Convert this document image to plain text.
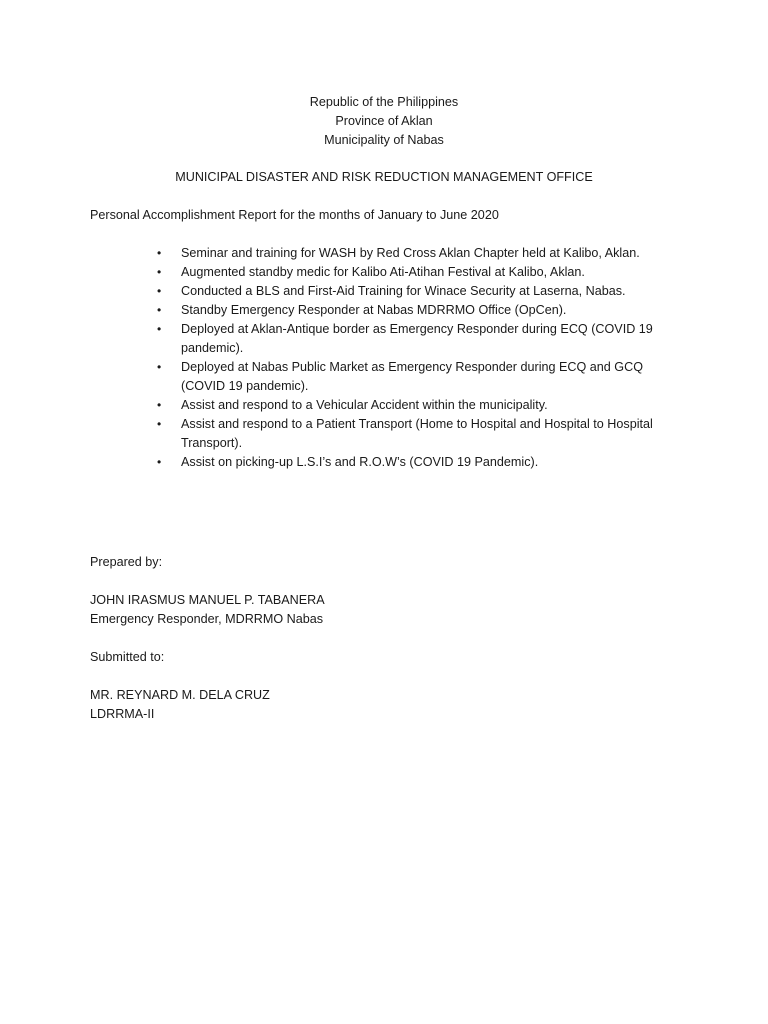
Republic of the Philippines
Province of Aklan
Municipality of Nabas
MUNICIPAL DISASTER AND RISK REDUCTION MANAGEMENT OFFICE
Personal Accomplishment Report for the months of January to June 2020
• Seminar and training for WASH by Red Cross Aklan Chapter held at Kalibo, Aklan.
• Augmented standby medic for Kalibo Ati-Atihan Festival at Kalibo, Aklan.
• Conducted a BLS and First-Aid Training for Winace Security at Laserna, Nabas.
• Standby Emergency Responder at Nabas MDRRMO Office (OpCen).
• Deployed at Aklan-Antique border as Emergency Responder during ECQ (COVID 19 pandemic).
• Deployed at Nabas Public Market as Emergency Responder during ECQ and GCQ (COVID 19 pandemic).
• Assist and respond to a Vehicular Accident within the municipality.
• Assist and respond to a Patient Transport (Home to Hospital and Hospital to Hospital Transport).
• Assist on picking-up L.S.I’s and R.O.W’s (COVID 19 Pandemic).
Prepared by:
JOHN IRASMUS MANUEL P. TABANERA
Emergency Responder, MDRRMO Nabas
Submitted to:
MR. REYNARD M. DELA CRUZ
LDRRMA-II
